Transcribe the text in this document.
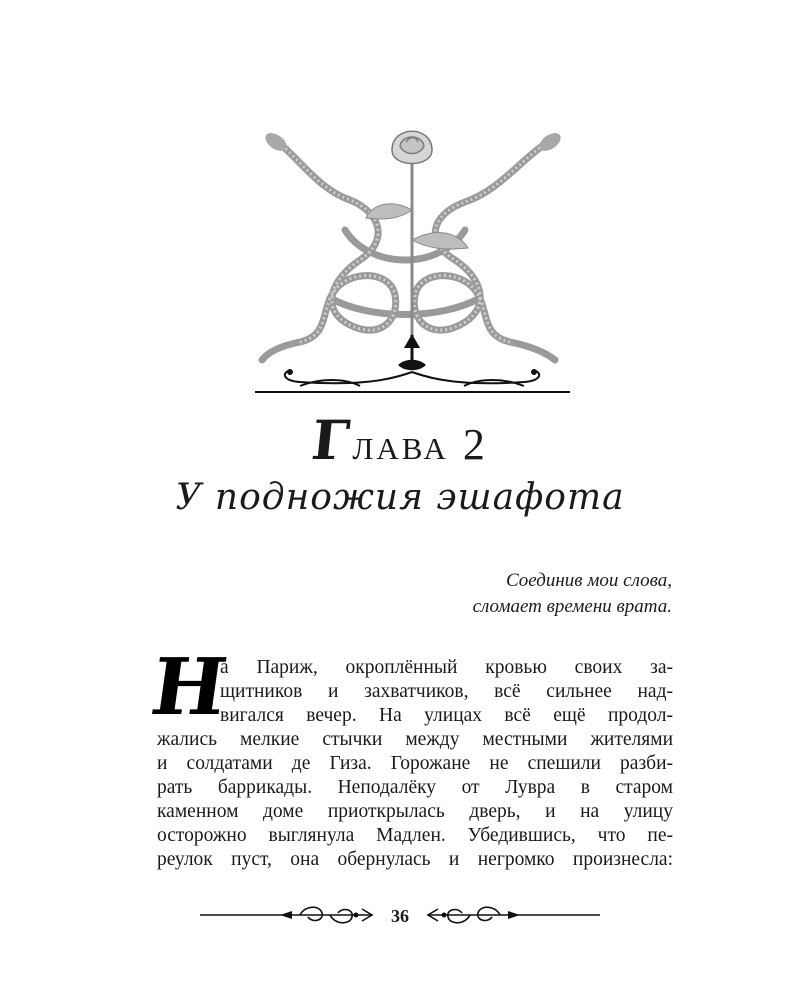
Глава 2
У подножия эшафота
Соединив мои слова,
сломает времени врата.
Н
а Париж, окроплённый кровью своих за-
щитников и захватчиков, всё сильнее над-
вигался вечер. На улицах всё ещё продол-
жались мелкие стычки между местными жителями
и солдатами де Гиза. Горожане не спешили разби-
рать баррикады. Неподалёку от Лувра в старом
каменном доме приоткрылась дверь, и на улицу
осторожно выглянула Мадлен. Убедившись, что пе-
реулок пуст, она обернулась и негромко произнесла:
36
